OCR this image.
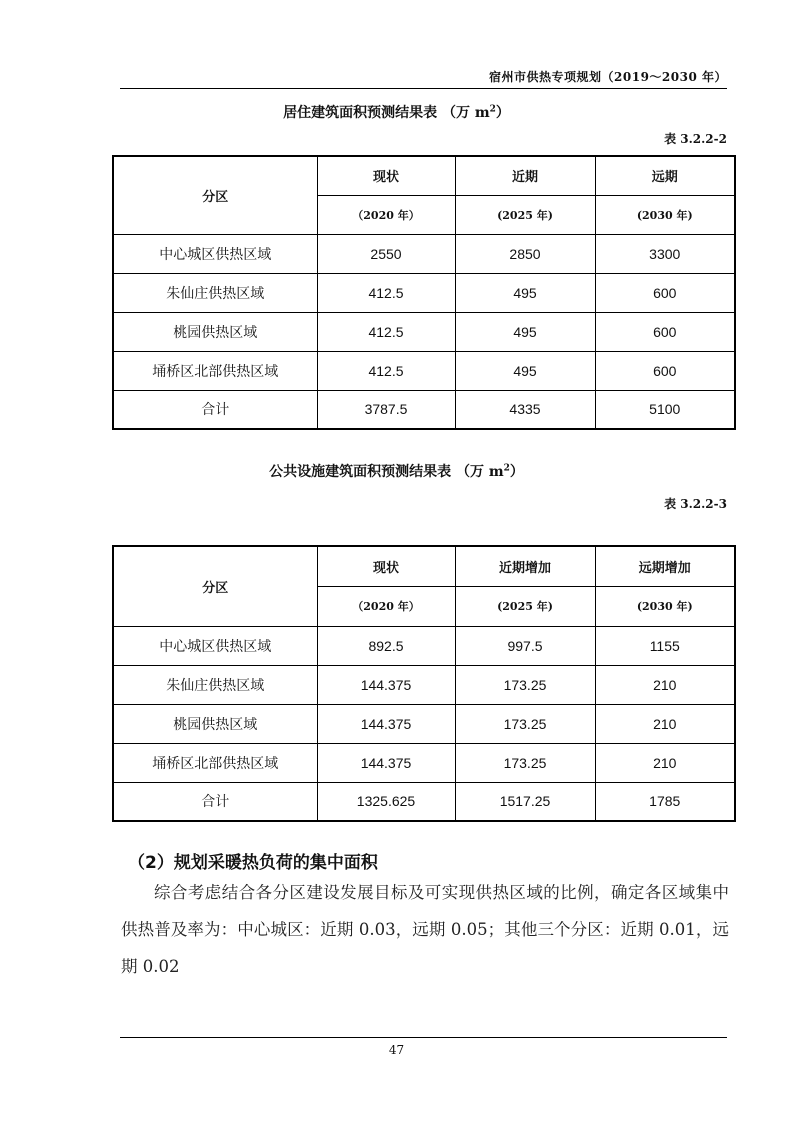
宿州市供热专项规划（2019～2030 年）
居住建筑面积预测结果表 （万 $m^2$）
表 3.2.2-2
分区	现状	近期	远期
	（2020 年）	(2025 年)	(2030 年)
中心城区供热区域	2550	2850	3300
朱仙庄供热区域	412.5	495	600
桃园供热区域	412.5	495	600
埇桥区北部供热区域	412.5	495	600
合计	3787.5	4335	5100
公共设施建筑面积预测结果表 （万 $m^2$）
表 3.2.2-3
分区	现状	近期增加	远期增加
	（2020 年）	(2025 年)	(2030 年)
中心城区供热区域	892.5	997.5	1155
朱仙庄供热区域	144.375	173.25	210
桃园供热区域	144.375	173.25	210
埇桥区北部供热区域	144.375	173.25	210
合计	1325.625	1517.25	1785
（2）规划采暖热负荷的集中面积
综合考虑结合各分区建设发展目标及可实现供热区域的比例，确定各区域集中供热普及率为：中心城区：近期 0.03，远期 0.05；其他三个分区：近期 0.01，远期 0.02
47
